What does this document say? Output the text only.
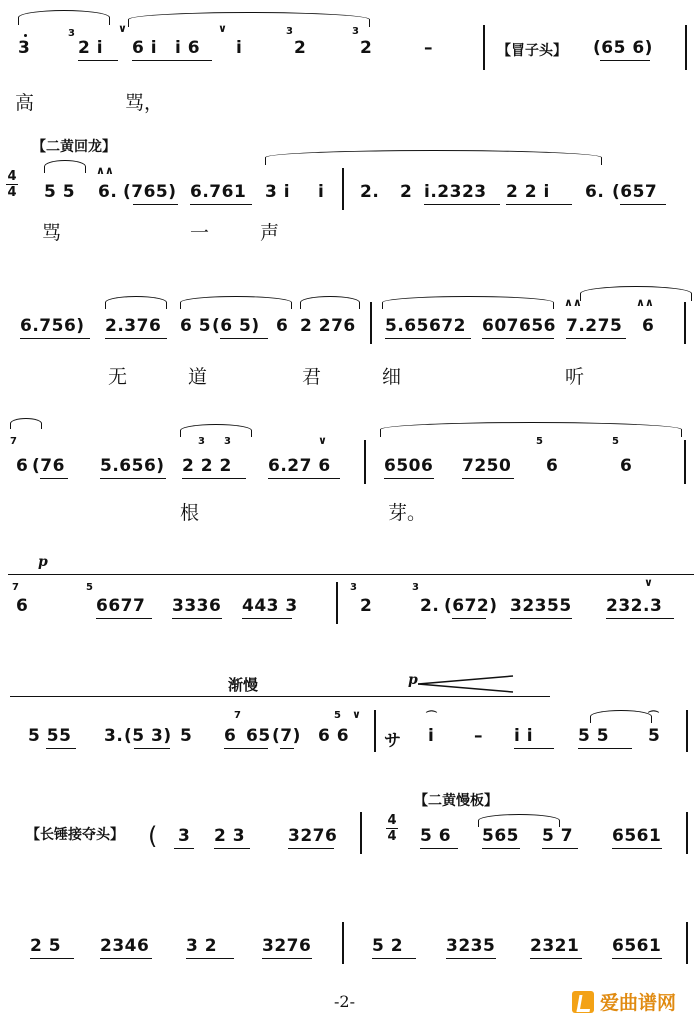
3
3
2 i
∨
6 i i 6
∨
i
3
2
3
2	–	【冒子头】 (65 6)
高	骂，
【二黄回龙】
4
4 5 5
∧∧
6. (765) 6.761 3 i i 2. 2 i.2323 2 2 i 6. (657
骂	一	声
6.756) 2.376 6 5 (6 5) 6 2 276 5.65672 607656
∧∧
7.275
∧∧
6
无	道	君	细	听
6
7
(76 5.656) 2 2 2
3 3
6.27 6
∨
6506 7250
5
6
5
6
根	芽。
p
7
6
5
6677 3336 443 3
3
2
3
2. (672) 32355
∨
232.3
渐慢	p
5 55 3. (5 3) 5
7
6 65 (7)
5 ∨
6 6 サ
⌒
i – i i	5 5
⌒
5
【二黄慢板】
【长锤接夺头】 ( 3 2 3	3276
4
4 5 6 565 5 7 6561
2 5 2346 3 2	3276	5 2	3235 2321 6561
-2-	爱曲谱网
